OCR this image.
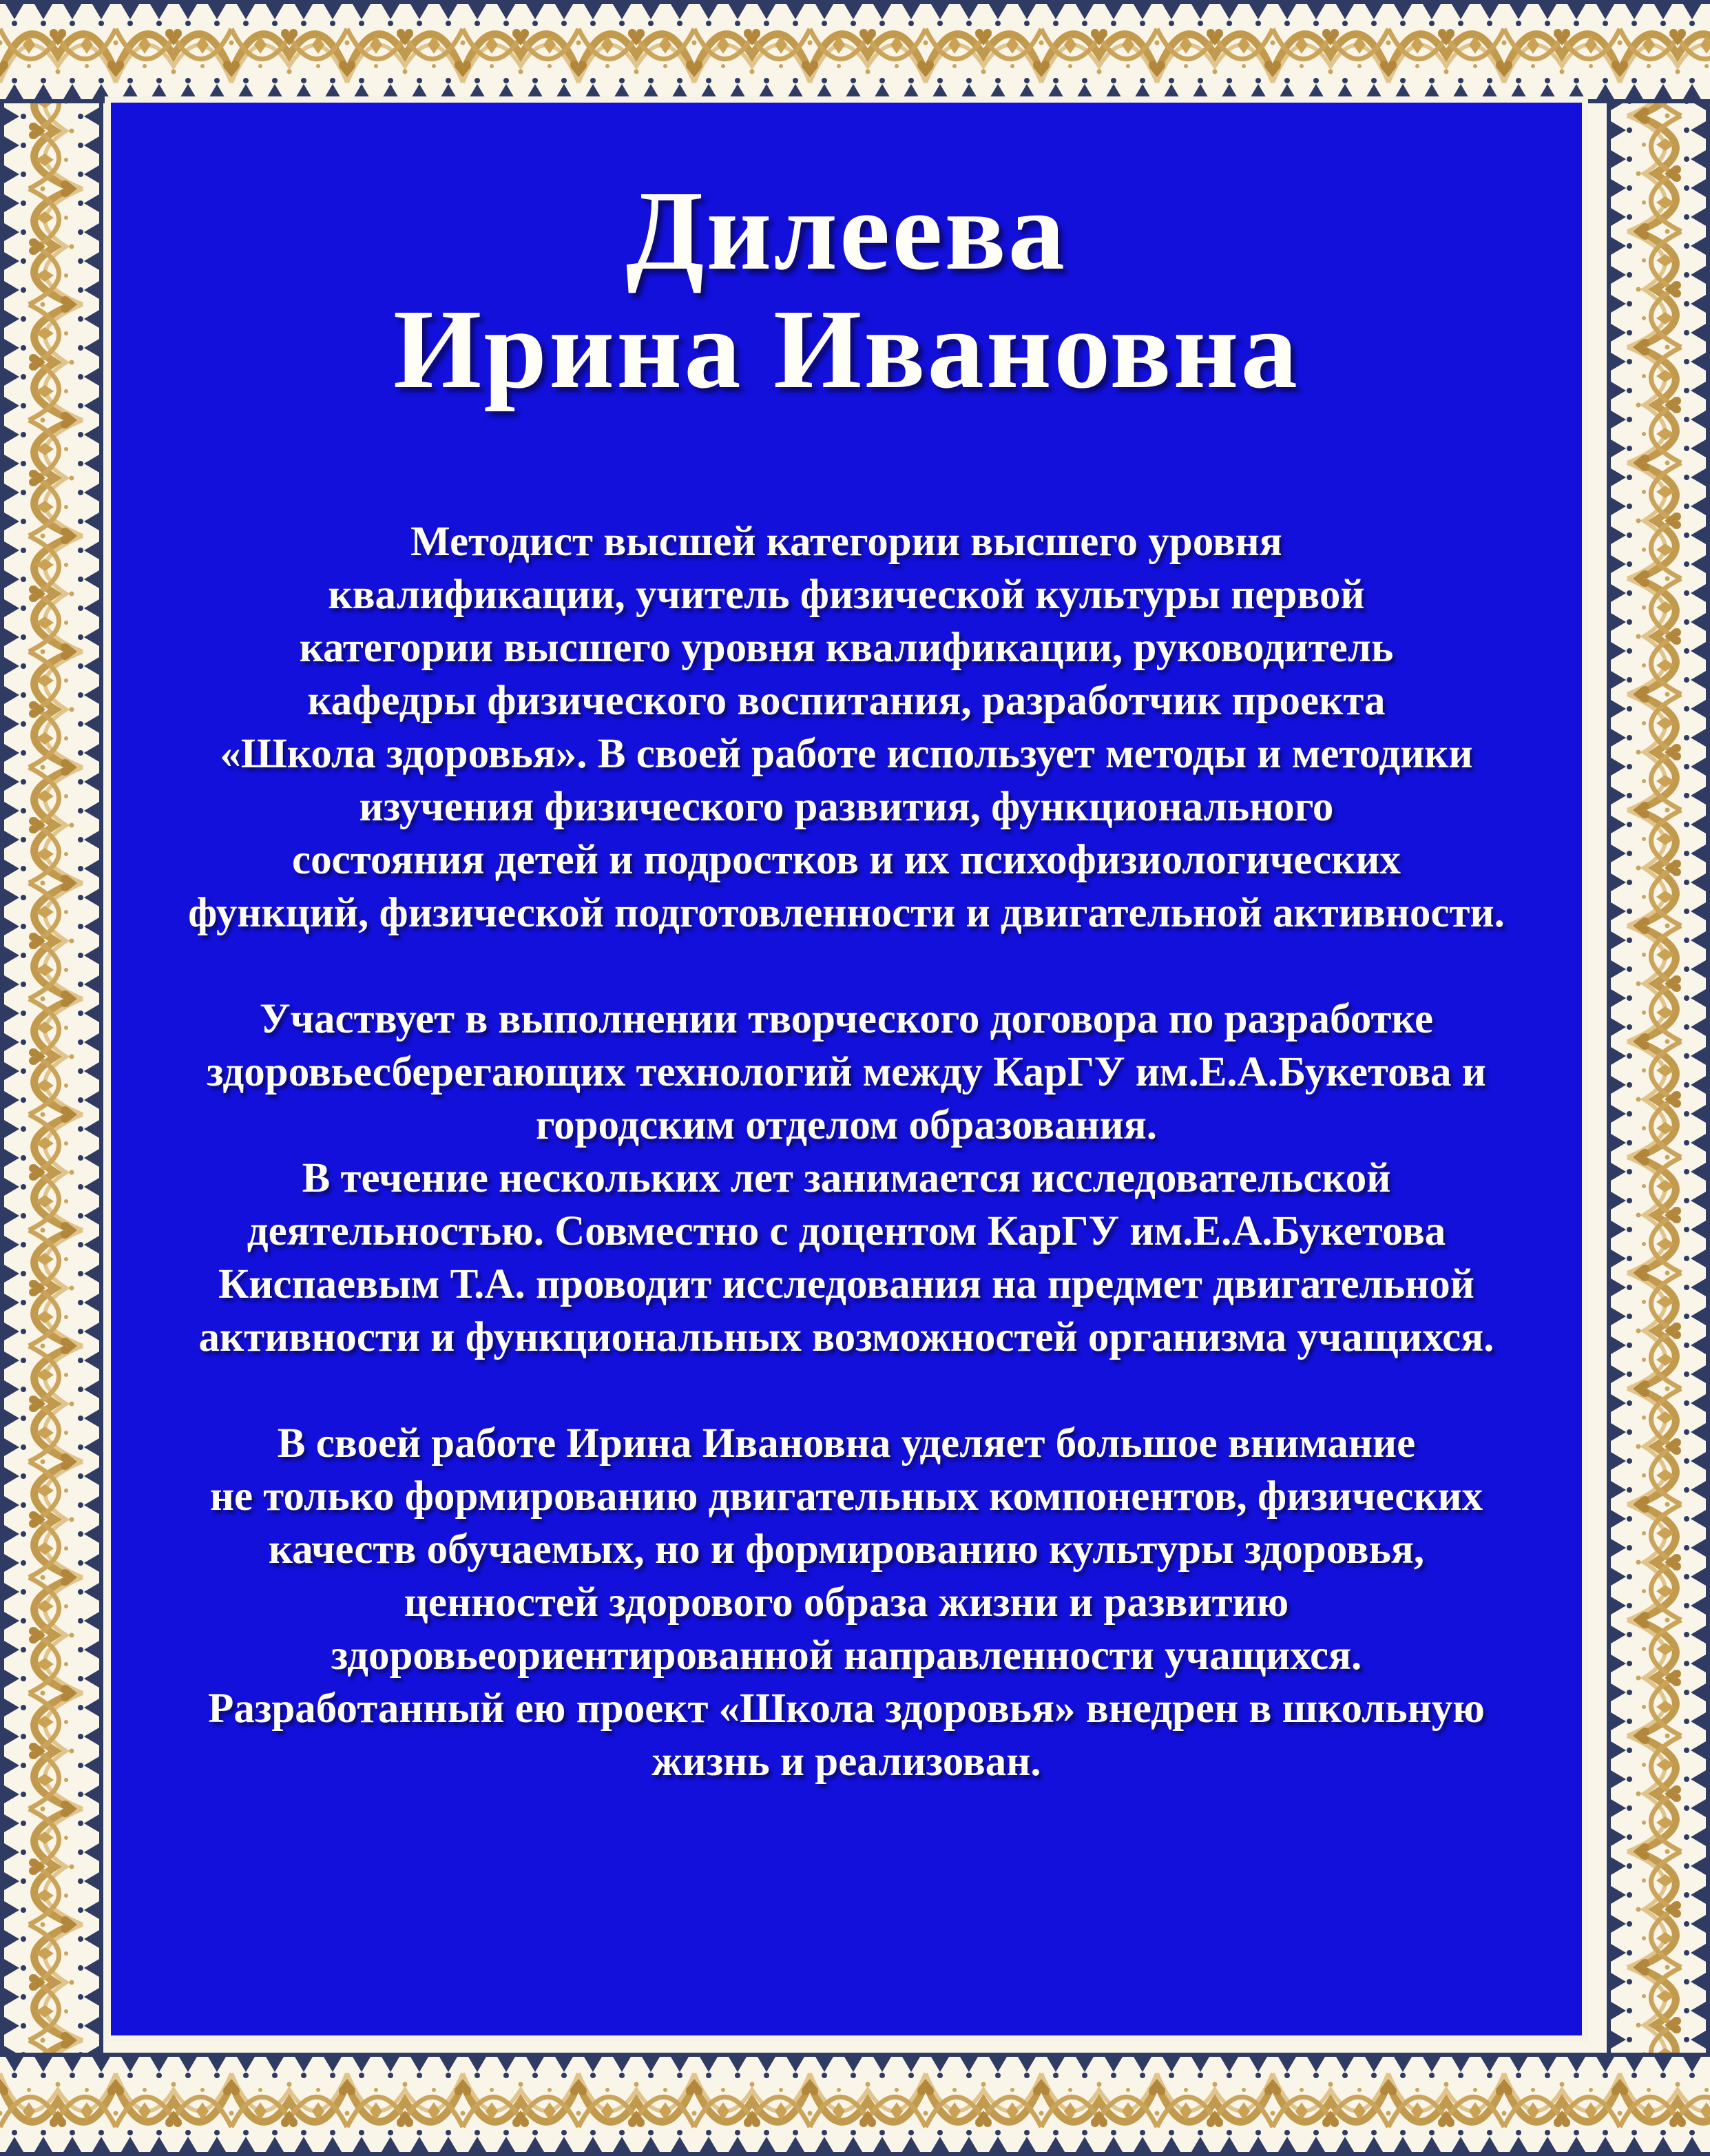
Дилеева
Ирина Ивановна
Методист высшей категории высшего уровня
квалификации, учитель физической культуры первой
категории высшего уровня квалификации, руководитель
кафедры физического воспитания, разработчик проекта
«Школа здоровья». В своей работе использует методы и методики
изучения физического развития, функционального
состояния детей и подростков и их психофизиологических
функций, физической подготовленности и двигательной активности.
Участвует в выполнении творческого договора по разработке
здоровьесберегающих технологий между КарГУ им.Е.А.Букетова и
городским отделом образования.
В течение нескольких лет занимается исследовательской
деятельностью. Совместно с доцентом КарГУ им.Е.А.Букетова
Киспаевым Т.А. проводит исследования на предмет двигательной
активности и функциональных возможностей организма учащихся.
В своей работе Ирина Ивановна уделяет большое внимание
не только формированию двигательных компонентов, физических
качеств обучаемых, но и формированию культуры здоровья,
ценностей здорового образа жизни и развитию
здоровьеориентированной направленности учащихся.
Разработанный ею проект «Школа здоровья» внедрен в школьную
жизнь и реализован.
